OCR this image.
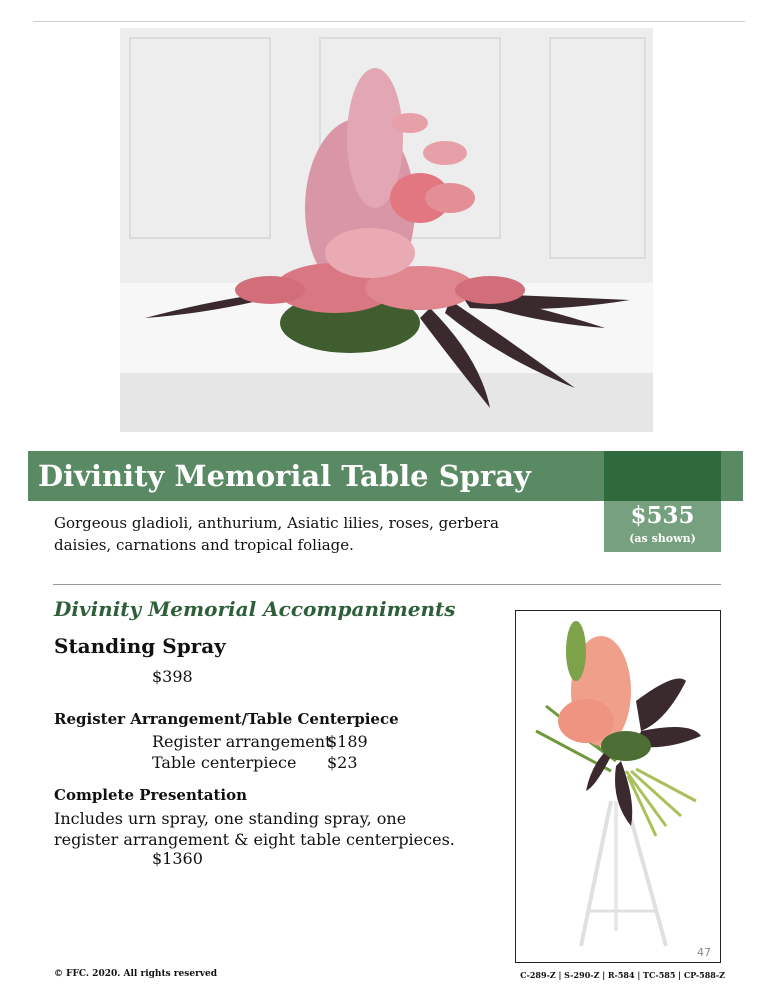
Divinity Memorial Table Spray
$535
(as shown)
Gorgeous gladioli, anthurium, Asiatic lilies, roses, gerbera daisies, carnations and tropical foliage.
Divinity Memorial Accompaniments
Standing Spray
$398
Register Arrangement/Table Centerpiece
Register arrangement$189
Table centerpiece $23
Complete Presentation
Includes urn spray, one standing spray, one register arrangement & eight table centerpieces.
$1360
47
© FFC. 2020. All rights reserved	C-289-Z | S-290-Z | R-584 | TC-585 | CP-588-Z
